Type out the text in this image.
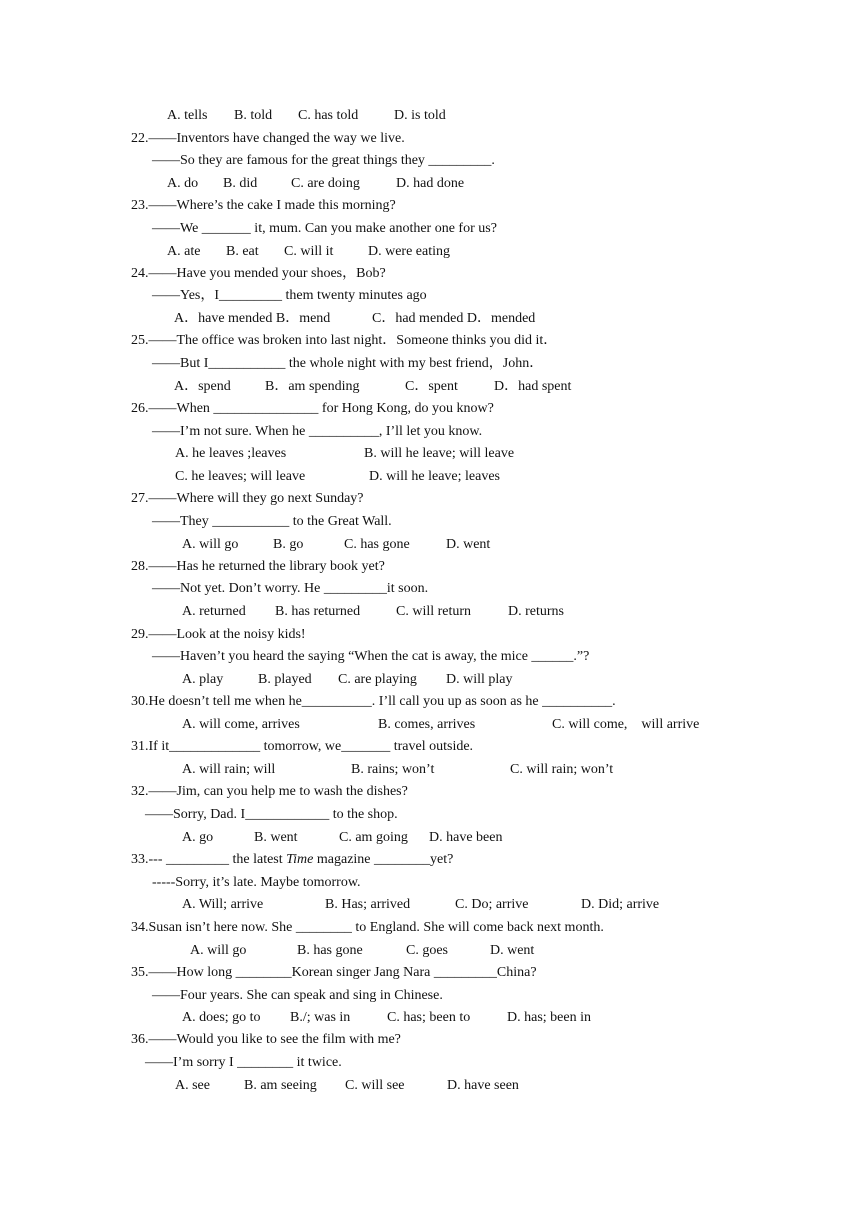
A. tells B. told C. has told	D. is told
22.——Inventors have changed the way we live.
——So they are famous for the great things they _________.
A. do B. did C. are doing	D. had done
23.——Where’s the cake I made this morning?
——We _______ it, mum. Can you make another one for us?
A. ate B. eat C. will it D. were eating
24.——Have you mended your shoes，Bob?
——Yes，I_________ them twenty minutes ago
A．have mended B．mend	C．had mended D．mended
25.——The office was broken into last night．Someone thinks you did it．
——But I___________ the whole night with my best friend，John．
A．spend B．am spending	C．spent	D．had spent
26.——When _______________ for Hong Kong, do you know?
——I’m not sure. When he __________, I’ll let you know.
A. he leaves ;leaves	B. will he leave; will leave
C. he leaves; will leave	D. will he leave; leaves
27.——Where will they go next Sunday?
——They ___________ to the Great Wall.
A. will go B. go	C. has gone	D. went
28.——Has he returned the library book yet?
——Not yet. Don’t worry. He _________it soon.
A. returned B. has returned	C. will return	D. returns
29.——Look at the noisy kids!
——Haven’t you heard the saying “When the cat is away, the mice ______.”?
A. play B. played C. are playing D. will play
30.He doesn’t tell me when he__________. I’ll call you up as soon as he __________.
A. will come, arrives	B. comes, arrives	C. will come,    will arrive
31.If it_____________ tomorrow, we_______ travel outside.
A. will rain; will	B. rains; won’t	C. will rain; won’t
32.——Jim, can you help me to wash the dishes?
——Sorry, Dad. I____________ to the shop.
A. go	B. went	C. am going D. have been
33.--- _________ the latest Time magazine ________yet?
-----Sorry, it’s late. Maybe tomorrow.
A. Will; arrive	B. Has; arrived	C. Do; arrive	D. Did; arrive
34.Susan isn’t here now. She ________ to England. She will come back next month.
A. will go	B. has gone	C. goes	D. went
35.——How long ________Korean singer Jang Nara _________China?
——Four years. She can speak and sing in Chinese.
A. does; go to B./; was in	C. has; been to	D. has; been in
36.——Would you like to see the film with me?
——I’m sorry I ________ it twice.
A. see B. am seeing C. will see	D. have seen
